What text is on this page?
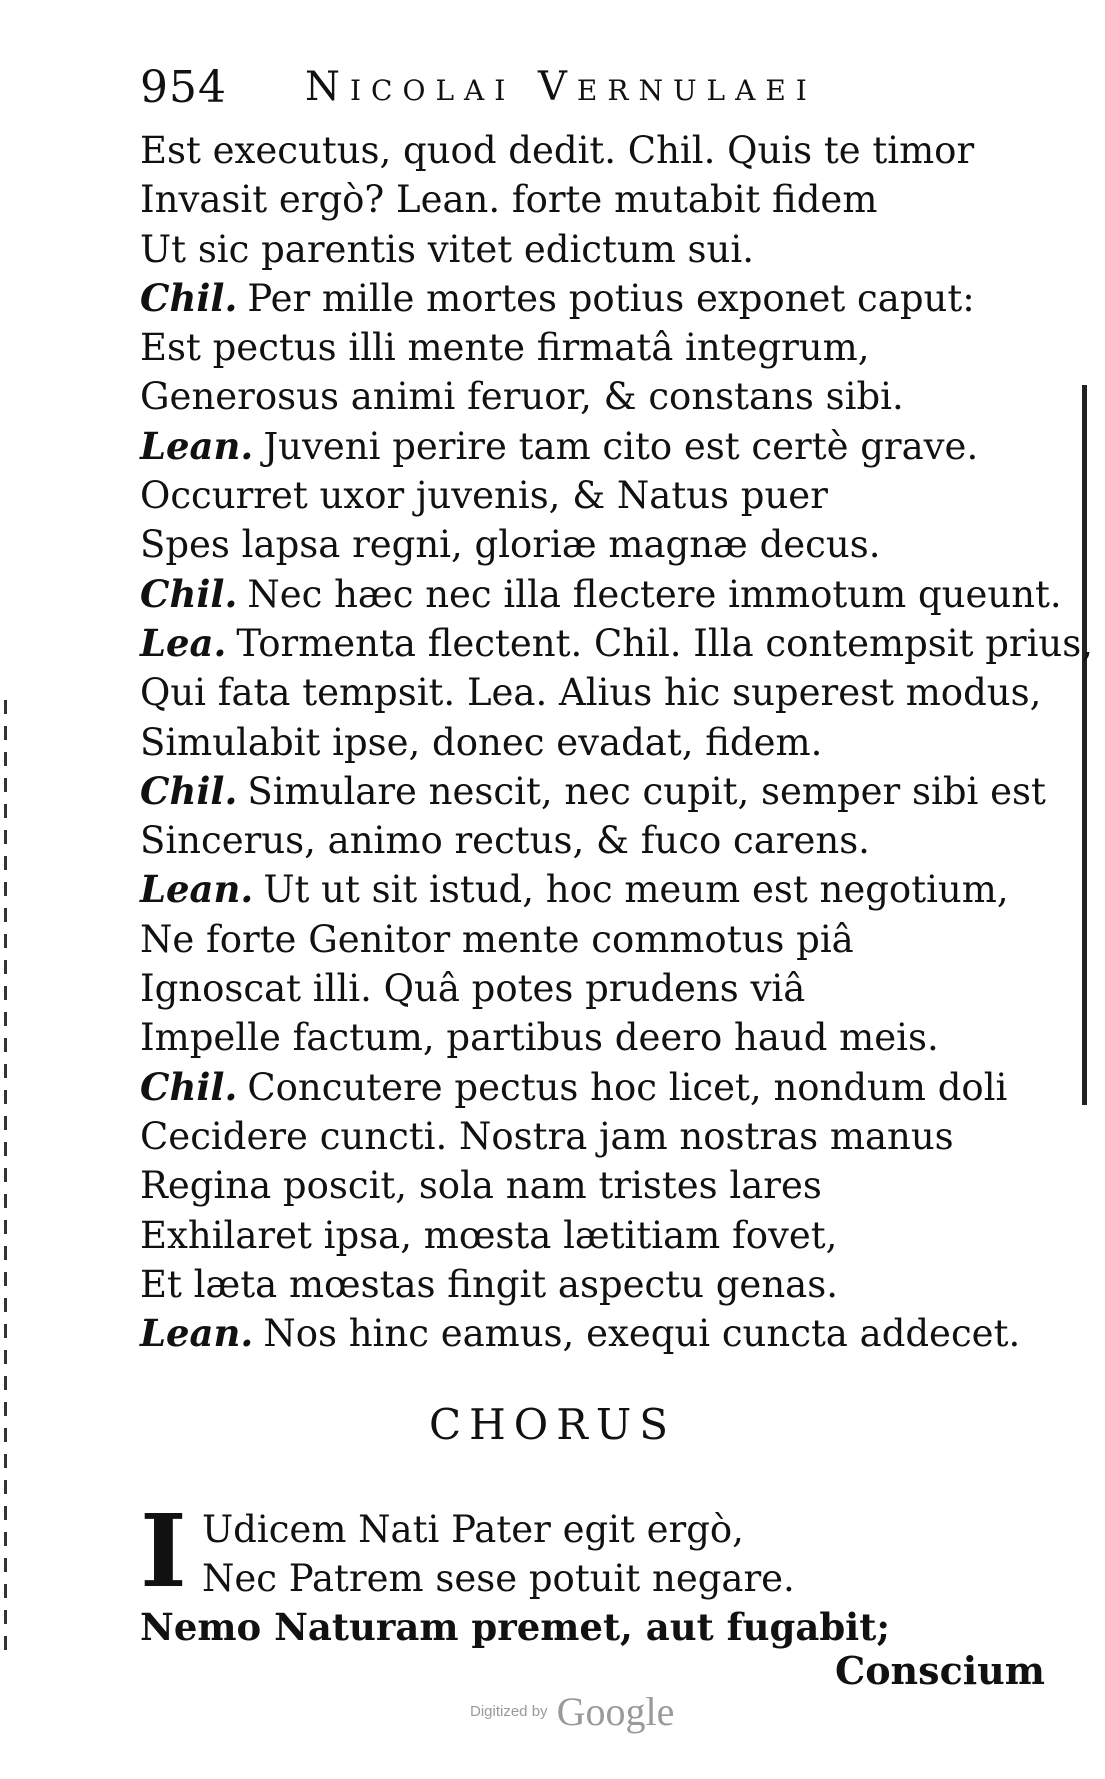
954 Nicolai Vernulaei
Est executus, quod dedit. Chil. Quis te timor
Invasit ergò? Lean. forte mutabit fidem
Ut sic parentis vitet edictum sui.
Chil. Per mille mortes potius exponet caput:
Est pectus illi mente firmatâ integrum,
Generosus animi feruor, & constans sibi.
Lean. Juveni perire tam cito est certè grave.
Occurret uxor juvenis, & Natus puer
Spes lapsa regni, gloriæ magnæ decus.
Chil. Nec hæc nec illa flectere immotum queunt.
Lea. Tormenta flectent. Chil. Illa contempsit prius,
Qui fata tempsit. Lea. Alius hic superest modus,
Simulabit ipse, donec evadat, fidem.
Chil. Simulare nescit, nec cupit, semper sibi est
Sincerus, animo rectus, & fuco carens.
Lean. Ut ut sit istud, hoc meum est negotium,
Ne forte Genitor mente commotus piâ
Ignoscat illi. Quâ potes prudens viâ
Impelle factum, partibus deero haud meis.
Chil. Concutere pectus hoc licet, nondum doli
Cecidere cuncti. Nostra jam nostras manus
Regina poscit, sola nam tristes lares
Exhilaret ipsa, mœsta lætitiam fovet,
Et læta mœstas fingit aspectu genas.
Lean. Nos hinc eamus, exequi cuncta addecet.
CHORUS
I Udicem Nati Pater egit ergò,
Nec Patrem sese potuit negare.
Nemo Naturam premet, aut fugabit;
Conscium
Digitized by Google
